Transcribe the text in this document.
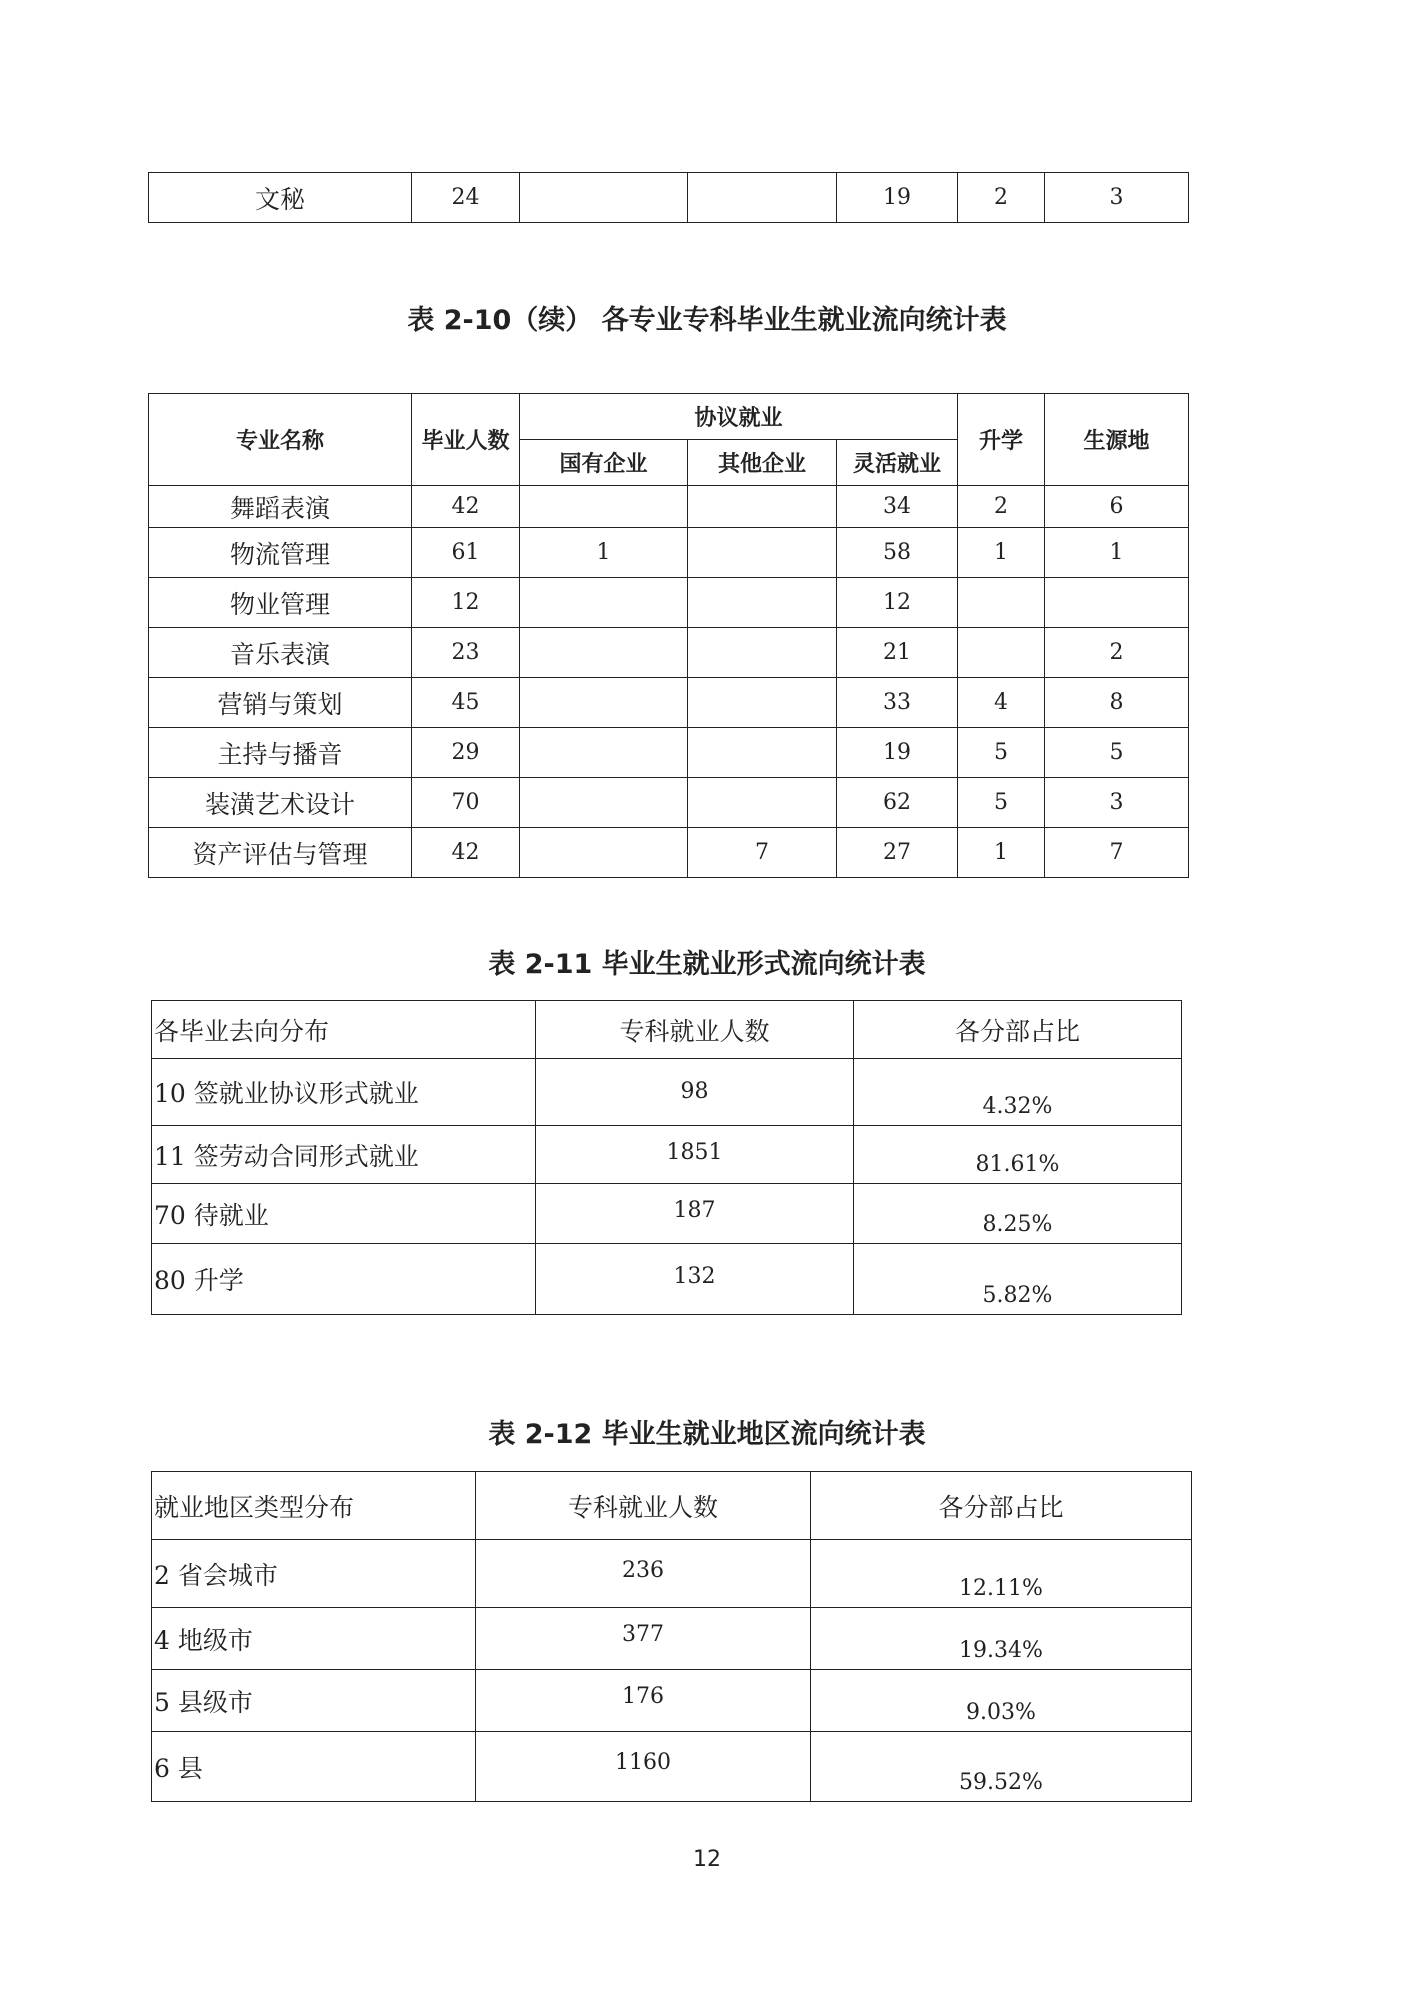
文秘	24			19	2	3
表 2-10（续） 各专业专科毕业生就业流向统计表
专业名称	毕业人数	协议就业			升学	生源地
		国有企业	其他企业	灵活就业		
舞蹈表演	42			34	2	6
物流管理	61	1		58	1	1
物业管理	12			12		
音乐表演	23			21		2
营销与策划	45			33	4	8
主持与播音	29			19	5	5
装潢艺术设计	70			62	5	3
资产评估与管理	42		7	27	1	7
表 2-11 毕业生就业形式流向统计表
各毕业去向分布	专科就业人数	各分部占比
10 签就业协议形式就业	98	4.32%
11 签劳动合同形式就业	1851	81.61%
70 待就业	187	8.25%
80 升学	132	5.82%
表 2-12 毕业生就业地区流向统计表
就业地区类型分布	专科就业人数	各分部占比
2 省会城市	236	12.11%
4 地级市	377	19.34%
5 县级市	176	9.03%
6 县	1160	59.52%
12
